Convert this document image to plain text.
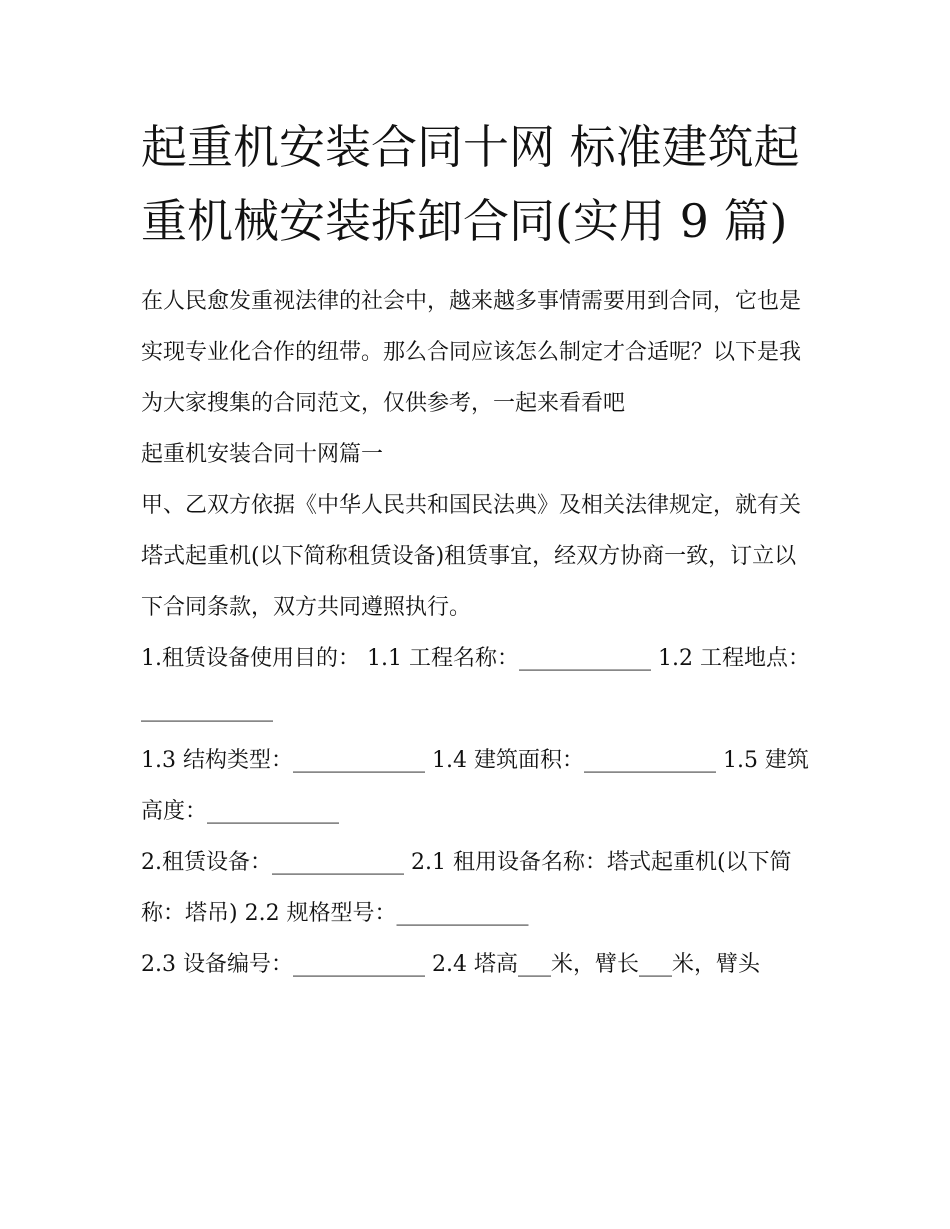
起重机安装合同十网 标准建筑起重机械安装拆卸合同(实用 9 篇)

在人民愈发重视法律的社会中，越来越多事情需要用到合同，它也是实现专业化合作的纽带。那么合同应该怎么制定才合适呢？以下是我为大家搜集的合同范文，仅供参考，一起来看看吧

起重机安装合同十网篇一

甲、乙双方依据《中华人民共和国民法典》及相关法律规定，就有关塔式起重机(以下简称租赁设备)租赁事宜，经双方协商一致，订立以下合同条款，双方共同遵照执行。

1.租赁设备使用目的： 1.1 工程名称：____________ 1.2 工程地点：____________

1.3 结构类型：____________ 1.4 建筑面积：____________ 1.5 建筑高度：____________

2.租赁设备：____________ 2.1 租用设备名称：塔式起重机(以下简称：塔吊) 2.2 规格型号：____________

2.3 设备编号：____________ 2.4 塔高___米，臂长___米，臂头
